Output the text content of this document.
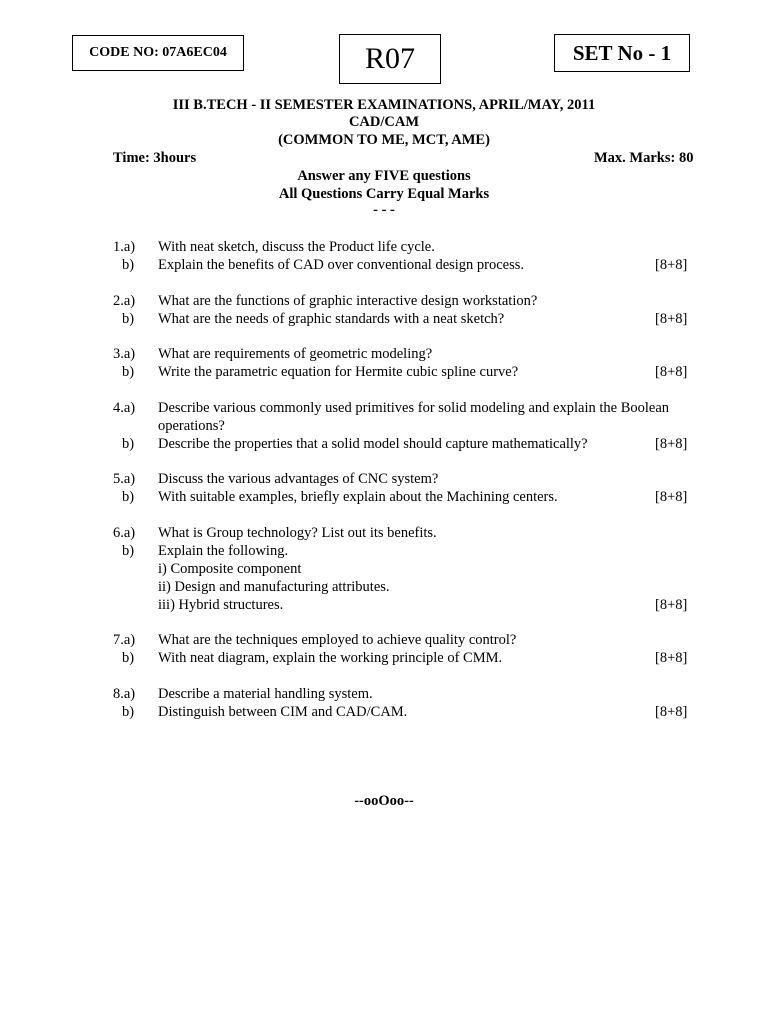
CODE NO: 07A6EC04	R07	SET No - 1
III B.TECH - II SEMESTER EXAMINATIONS, APRIL/MAY, 2011
CAD/CAM
(COMMON TO ME, MCT, AME)
Time: 3hours	Max. Marks: 80
Answer any FIVE questions
All Questions Carry Equal Marks
- - -
1.a)	With neat sketch, discuss the Product life cycle.
b)	Explain the benefits of CAD over conventional design process.	[8+8]
2.a)	What are the functions of graphic interactive design workstation?
b)	What are the needs of graphic standards with a neat sketch?	[8+8]
3.a)	What are requirements of geometric modeling?
b)	Write the parametric equation for Hermite cubic spline curve?	[8+8]
4.a)	Describe various commonly used primitives for solid modeling and explain the Boolean
operations?
b)	Describe the properties that a solid model should capture mathematically?	[8+8]
5.a)	Discuss the various advantages of CNC system?
b)	With suitable examples, briefly explain about the Machining centers.	[8+8]
6.a)	What is Group technology? List out its benefits.
b)	Explain the following.
i) Composite component
ii) Design and manufacturing attributes.
iii) Hybrid structures.	[8+8]
7.a)	What are the techniques employed to achieve quality control?
b)	With neat diagram, explain the working principle of CMM.	[8+8]
8.a)	Describe a material handling system.
b)	Distinguish between CIM and CAD/CAM.	[8+8]
--ooOoo--
